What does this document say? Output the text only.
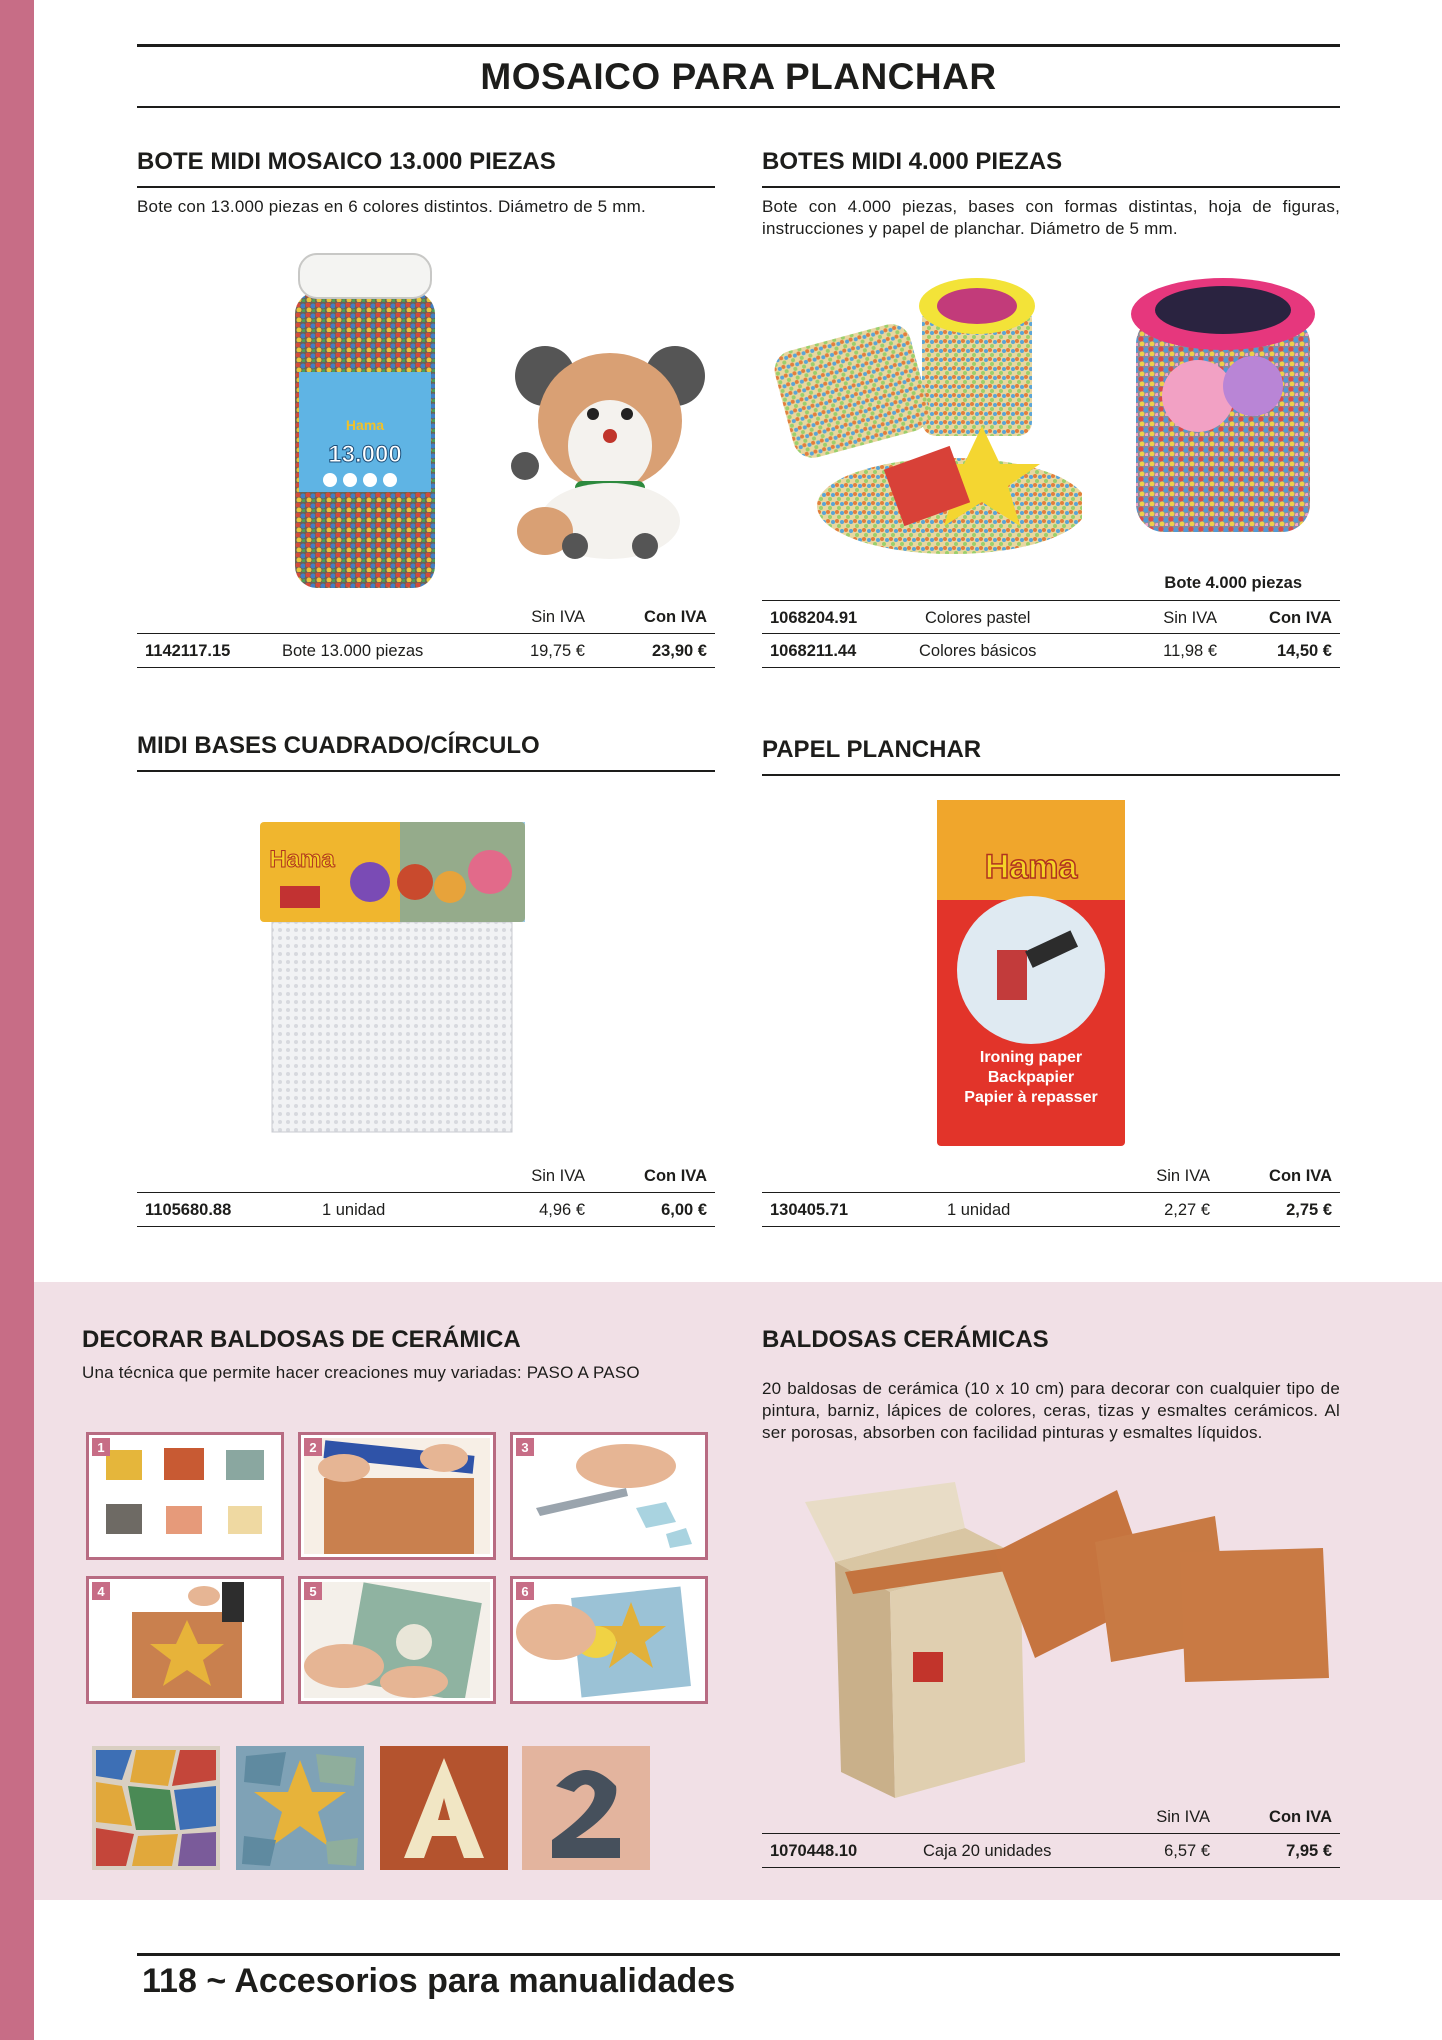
MOSAICO PARA PLANCHAR
BOTE MIDI MOSAICO 13.000 PIEZAS
Bote con 13.000 piezas en 6 colores distintos. Diámetro de 5 mm.
Hama
13.000
Sin IVA	Con IVA
1142117.15	Bote 13.000 piezas	19,75 €	23,90 €
BOTES MIDI 4.000 PIEZAS
Bote con 4.000 piezas, bases con formas distintas, hoja de figuras, instrucciones y papel de planchar. Diámetro de 5 mm.
Bote 4.000 piezas
1068204.91	Colores pastel	Sin IVA	Con IVA
1068211.44	Colores básicos	11,98 €	14,50 €
MIDI BASES CUADRADO/CÍRCULO
Hama
Sin IVA	Con IVA
1105680.88	1 unidad	4,96 €	6,00 €
PAPEL PLANCHAR
Hama
Ironing paper
Backpapier
Papier à repasser
Sin IVA	Con IVA
130405.71	1 unidad	2,27 €	2,75 €
DECORAR BALDOSAS DE CERÁMICA
Una técnica que permite hacer creaciones muy variadas: PASO A PASO
1	2	3
4	5	6
BALDOSAS CERÁMICAS
20 baldosas de cerámica (10 x 10 cm) para decorar con cualquier tipo de pintura, barniz, lápices de colores, ceras, tizas y esmaltes cerámicos. Al ser porosas, absorben con facilidad pinturas y esmaltes líquidos.
Sin IVA	Con IVA
1070448.10	Caja 20 unidades	6,57 €	7,95 €
118 ~ Accesorios para manualidades
